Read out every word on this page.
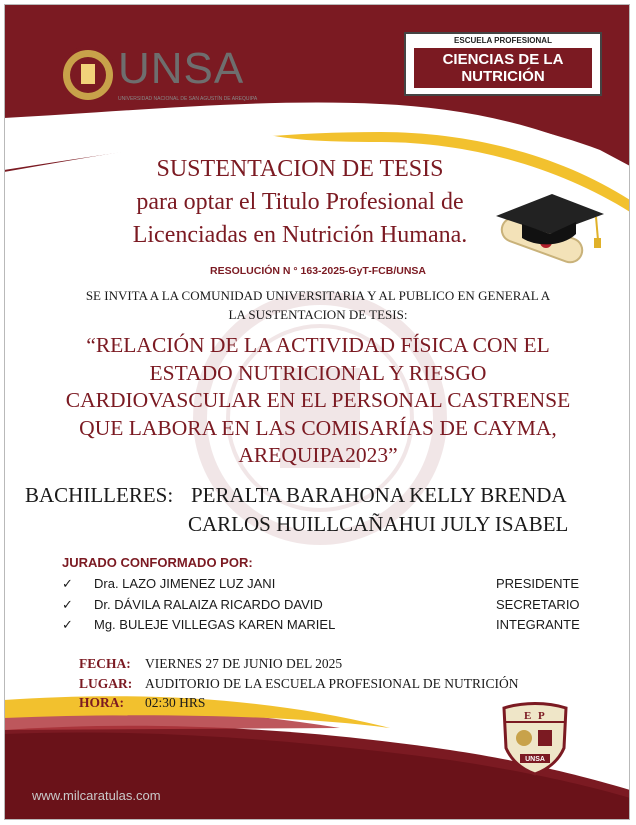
UNSA
UNIVERSIDAD NACIONAL DE SAN AGUSTÍN DE AREQUIPA
ESCUELA PROFESIONAL
CIENCIAS DE LA
NUTRICIÓN
SUSTENTACION DE TESIS
para optar el Titulo Profesional de
Licenciadas en Nutrición Humana.
RESOLUCIÓN N ° 163-2025-GyT-FCB/UNSA
SE INVITA A LA COMUNIDAD UNIVERSITARIA Y AL PUBLICO EN GENERAL A
LA SUSTENTACION DE TESIS:
“RELACIÓN DE LA ACTIVIDAD FÍSICA CON EL
ESTADO NUTRICIONAL Y RIESGO
CARDIOVASCULAR EN EL PERSONAL CASTRENSE
QUE LABORA EN LAS COMISARÍAS DE CAYMA,
AREQUIPA2023”
BACHILLERES: PERALTA BARAHONA KELLY BRENDA
CARLOS HUILLCAÑAHUI JULY ISABEL
JURADO CONFORMADO POR:
✓ Dra. LAZO JIMENEZ LUZ JANI	PRESIDENTE
✓ Dr. DÁVILA RALAIZA RICARDO DAVID	SECRETARIO
✓ Mg. BULEJE VILLEGAS KAREN MARIEL	INTEGRANTE
FECHA: VIERNES 27 DE JUNIO DEL 2025
LUGAR: AUDITORIO DE LA ESCUELA PROFESIONAL DE NUTRICIÓN
HORA: 02:30 HRS
E P
UNSA
www.milcaratulas.com
